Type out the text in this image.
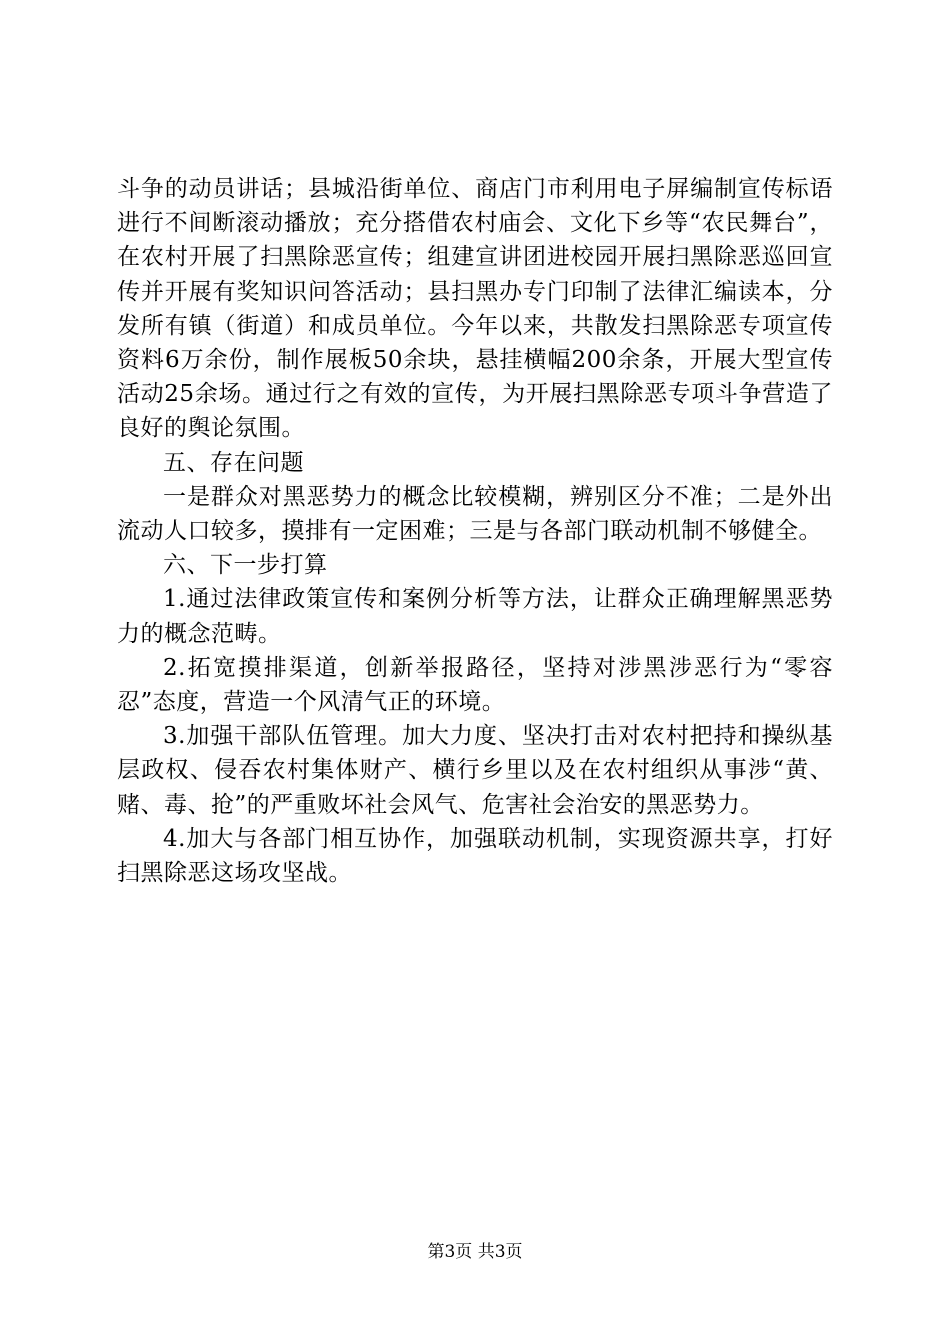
斗争的动员讲话；县城沿街单位、商店门市利用电子屏编制宣传标语进行不间断滚动播放；充分搭借农村庙会、文化下乡等“农民舞台”，在农村开展了扫黑除恶宣传；组建宣讲团进校园开展扫黑除恶巡回宣传并开展有奖知识问答活动；县扫黑办专门印制了法律汇编读本，分发所有镇（街道）和成员单位。今年以来，共散发扫黑除恶专项宣传资料6万余份，制作展板50余块，悬挂横幅200余条，开展大型宣传活动25余场。通过行之有效的宣传，为开展扫黑除恶专项斗争营造了良好的舆论氛围。

五、存在问题

一是群众对黑恶势力的概念比较模糊，辨别区分不准；二是外出流动人口较多，摸排有一定困难；三是与各部门联动机制不够健全。

六、下一步打算

1.通过法律政策宣传和案例分析等方法，让群众正确理解黑恶势力的概念范畴。

2.拓宽摸排渠道，创新举报路径，坚持对涉黑涉恶行为“零容忍”态度，营造一个风清气正的环境。

3.加强干部队伍管理。加大力度、坚决打击对农村把持和操纵基层政权、侵吞农村集体财产、横行乡里以及在农村组织从事涉“黄、赌、毒、抢”的严重败坏社会风气、危害社会治安的黑恶势力。

4.加大与各部门相互协作，加强联动机制，实现资源共享，打好扫黑除恶这场攻坚战。

第3页 共3页
